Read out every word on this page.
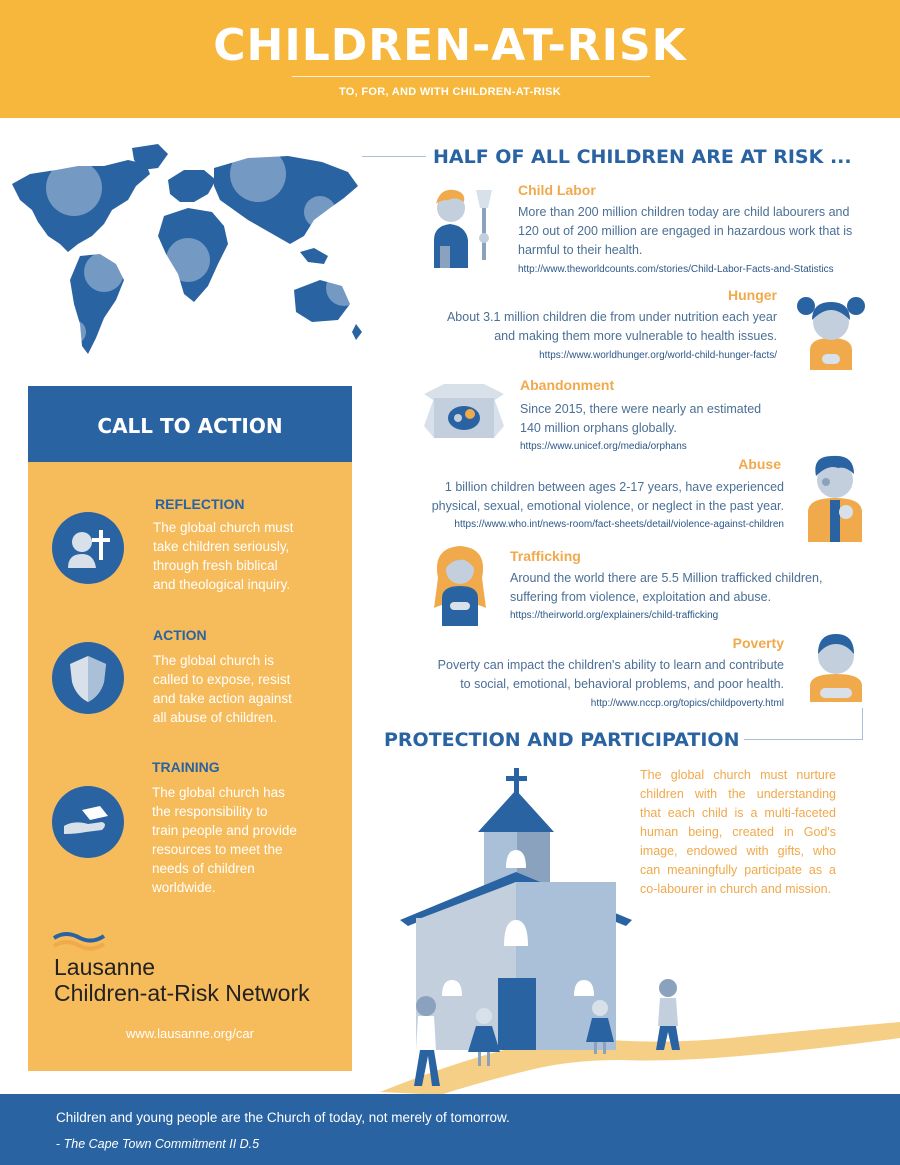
CHILDREN-AT-RISK
TO, FOR, AND WITH CHILDREN-AT-RISK
HALF OF ALL CHILDREN ARE AT RISK ...
Child Labor
More than 200 million children today are child labourers and
120 out of 200 million are engaged in hazardous work that is
harmful to their health.
http://www.theworldcounts.com/stories/Child-Labor-Facts-and-Statistics
Hunger
About 3.1 million children die from under nutrition each year
and making them more vulnerable to health issues.
https://www.worldhunger.org/world-child-hunger-facts/
Abandonment
Since 2015, there were nearly an estimated
140 million orphans globally.
https://www.unicef.org/media/orphans
Abuse
1 billion children between ages 2-17 years, have experienced
physical, sexual, emotional violence, or neglect in the past year.
https://www.who.int/news-room/fact-sheets/detail/violence-against-children
Trafficking
Around the world there are 5.5 Million trafficked children,
suffering from violence, exploitation and abuse.
https://theirworld.org/explainers/child-trafficking
Poverty
Poverty can impact the children's ability to learn and contribute
to social, emotional, behavioral problems, and poor health.
http://www.nccp.org/topics/childpoverty.html
CALL TO ACTION
REFLECTION
The global church must
take children seriously,
through fresh biblical
and theological inquiry.
ACTION
The global church is
called to expose, resist
and take action against
all abuse of children.
TRAINING
The global church has
the responsibility to
train people and provide
resources to meet the
needs of children
worldwide.
Lausanne
Children-at-Risk Network
www.lausanne.org/car
PROTECTION AND PARTICIPATION
The global church must nurture children with the understanding that each child is a multi-faceted human being, created in God's image, endowed with gifts, who can meaningfully participate as a co-labourer in church and mission.
Children and young people are the Church of today, not merely of tomorrow.
- The Cape Town Commitment II D.5
